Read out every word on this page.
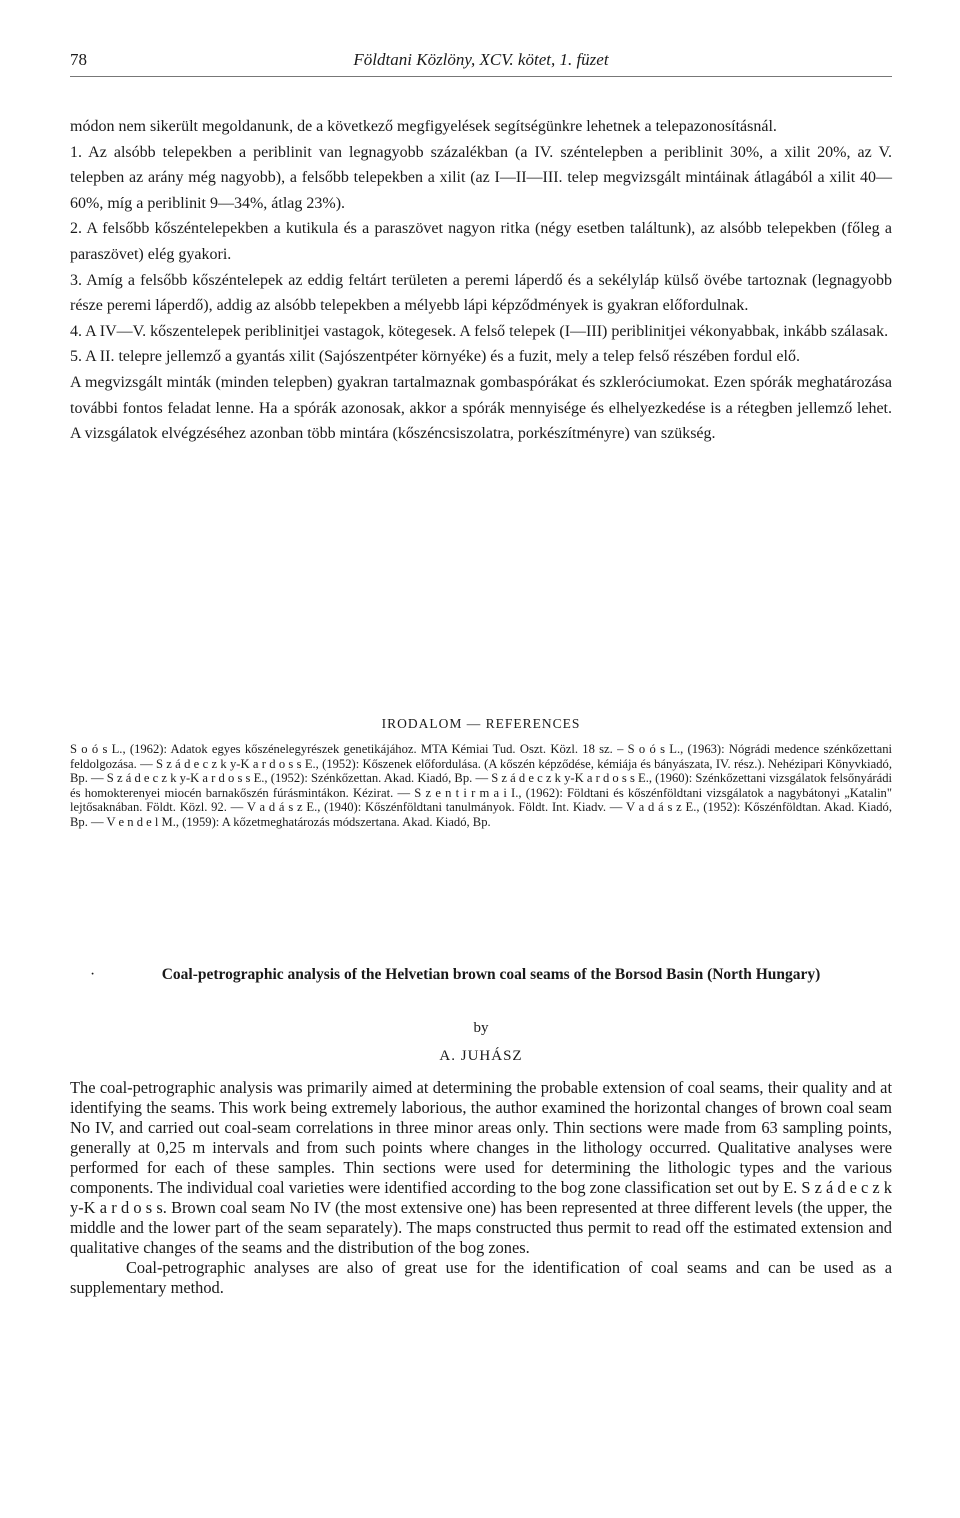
78	Földtani Közlöny, XCV. kötet, 1. füzet

módon nem sikerült megoldanunk, de a következő megfigyelések segítségünkre lehetnek a telepazonosításnál.

1. Az alsóbb telepekben a periblinit van legnagyobb százalékban (a IV. széntelepben a periblinit 30%, a xilit 20%, az V. telepben az arány még nagyobb), a felsőbb telepekben a xilit (az I—II—III. telep megvizsgált mintáinak átlagából a xilit 40—60%, míg a periblinit 9—34%, átlag 23%).

2. A felsőbb kőszéntelepekben a kutikula és a paraszövet nagyon ritka (négy esetben találtunk), az alsóbb telepekben (főleg a paraszövet) elég gyakori.

3. Amíg a felsőbb kőszéntelepek az eddig feltárt területen a peremi láperdő és a sekélyláp külső övébe tartoznak (legnagyobb része peremi láperdő), addig az alsóbb telepekben a mélyebb lápi képződmények is gyakran előfordulnak.

4. A IV—V. kőszentelepek periblinitjei vastagok, kötegesek. A felső telepek (I—III) periblinitjei vékonyabbak, inkább szálasak.

5. A II. telepre jellemző a gyantás xilit (Sajószentpéter környéke) és a fuzit, mely a telep felső részében fordul elő.

A megvizsgált minták (minden telepben) gyakran tartalmaznak gombaspórákat és szkleróciumokat. Ezen spórák meghatározása további fontos feladat lenne. Ha a spórák azonosak, akkor a spórák mennyisége és elhelyezkedése is a rétegben jellemző lehet. A vizsgálatok elvégzéséhez azonban több mintára (kőszéncsiszolatra, porkészítményre) van szükség.

IRODALOM — REFERENCES

S o ó s L., (1962): Adatok egyes kőszénelegyrészek genetikájához. MTA Kémiai Tud. Oszt. Közl. 18 sz. – S o ó s L., (1963): Nógrádi medence szénkőzettani feldolgozása. — S z á d e c z k y-K a r d o s s E., (1952): Kőszenek előfordulása. (A kőszén képződése, kémiája és bányászata, IV. rész.). Nehézipari Könyvkiadó, Bp. — S z á d e c z k y-K a r d o s s E., (1952): Szénkőzettan. Akad. Kiadó, Bp. — S z á d e c z k y-K a r d o s s E., (1960): Szénkőzettani vizsgálatok felsőnyárádi és homokterenyei miocén barnakőszén fúrásmintákon. Kézirat. — S z e n t i r m a i I., (1962): Földtani és kőszénföldtani vizsgálatok a nagybátonyi „Katalin" lejtősaknában. Földt. Közl. 92. — V a d á s z E., (1940): Kőszénföldtani tanulmányok. Földt. Int. Kiadv. — V a d á s z E., (1952): Kőszénföldtan. Akad. Kiadó, Bp. — V e n d e l M., (1959): A kőzetmeghatározás módszertana. Akad. Kiadó, Bp.

·	Coal-petrographic analysis of the Helvetian brown coal seams of the Borsod Basin (North Hungary)
by
A. JUHÁSZ

The coal-petrographic analysis was primarily aimed at determining the probable extension of coal seams, their quality and at identifying the seams. This work being extremely laborious, the author examined the horizontal changes of brown coal seam No IV, and carried out coal-seam correlations in three minor areas only. Thin sections were made from 63 sampling points, generally at 0,25 m intervals and from such points where changes in the lithology occurred. Qualitative analyses were performed for each of these samples. Thin sections were used for determining the lithologic types and the various components. The individual coal varieties were identified according to the bog zone classification set out by E. S z á d e c z k y-K a r d o s s. Brown coal seam No IV (the most extensive one) has been represented at three different levels (the upper, the middle and the lower part of the seam separately). The maps constructed thus permit to read off the estimated extension and qualitative changes of the seams and the distribution of the bog zones.

Coal-petrographic analyses are also of great use for the identification of coal seams and can be used as a supplementary method.
